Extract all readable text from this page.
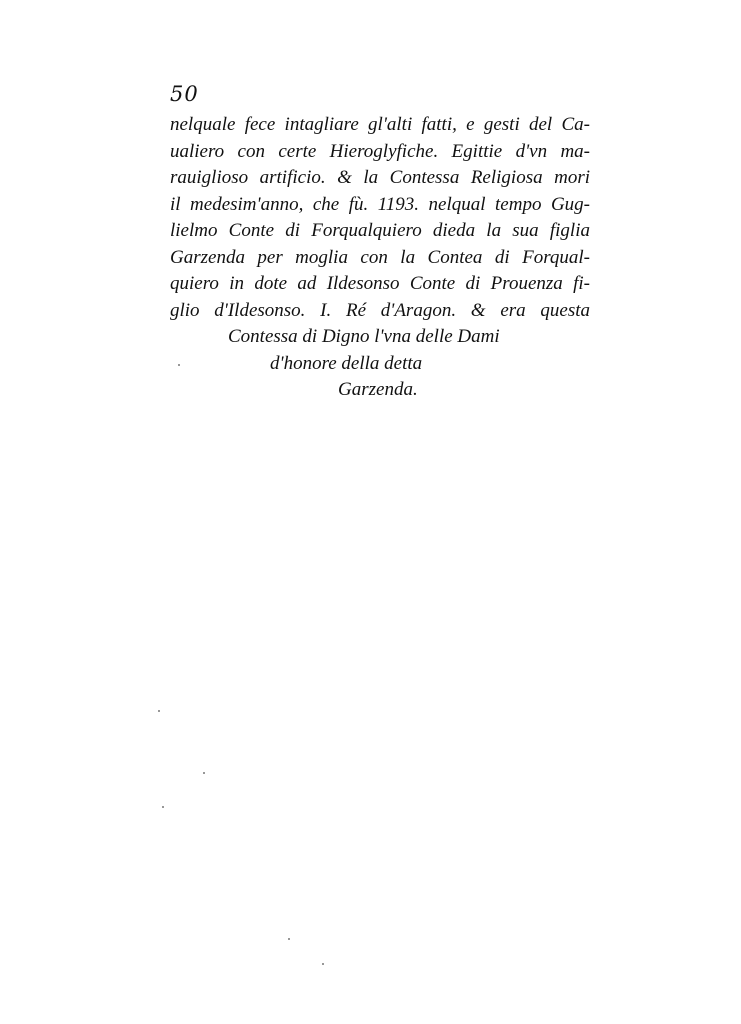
50
nelquale fece intagliare gl'alti fatti, e gesti del Ca-
ualiero con certe Hieroglyfiche. Egittie d'vn ma-
rauiglioso artificio. & la Contessa Religiosa mori
il medesim'anno, che fù. 1193. nelqual tempo Gug-
lielmo Conte di Forqualquiero dieda la sua figlia
Garzenda per moglia con la Contea di Forqual-
quiero in dote ad Ildesonso Conte di Prouenza fi-
glio d'Ildesonso. I. Ré d'Aragon. & era questa
Contessa di Digno l'vna delle Dami
d'honore della detta
Garzenda.
